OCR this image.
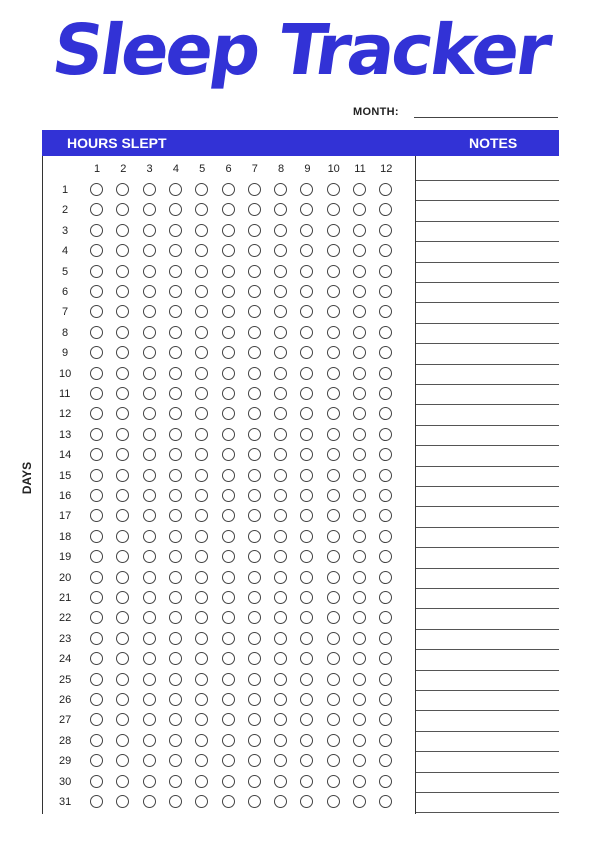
Sleep Tracker
MONTH:
HOURS SLEPT	NOTES
DAYS
1	2	3	4	5	6	7	8	9	10	11	12
1
2
3
4
5
6
7
8
9
10
11
12
13
14
15
16
17
18
19
20
21
22
23
24
25
26
27
28
29
30
31
